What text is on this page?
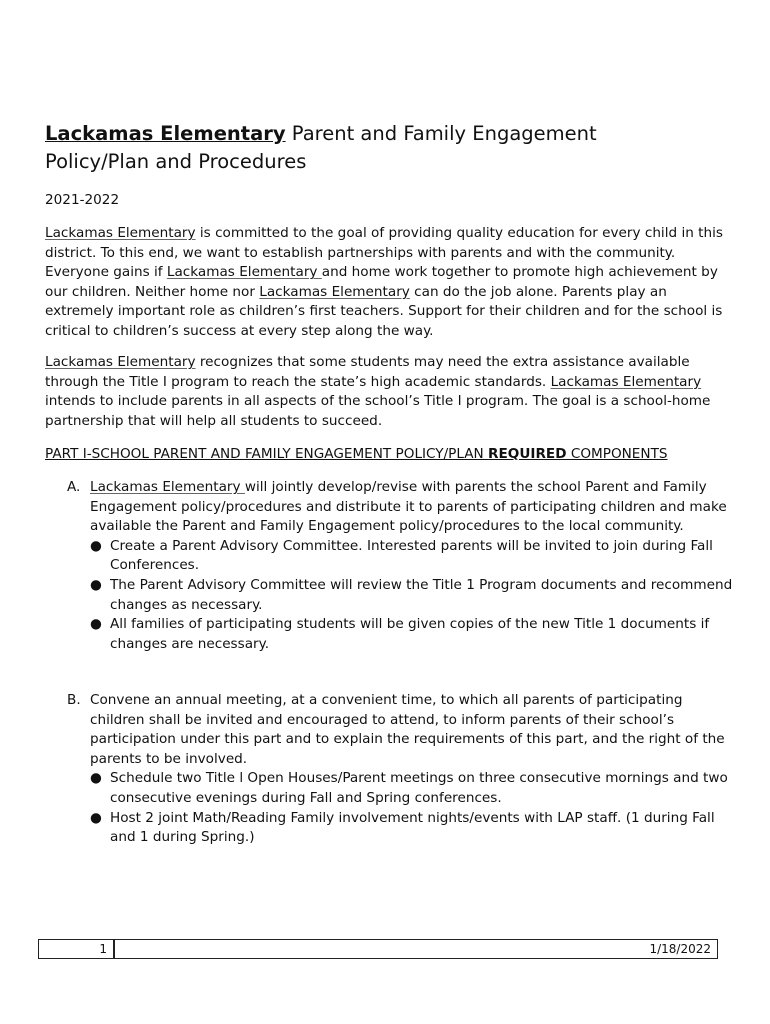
Lackamas Elementary Parent and Family Engagement
Policy/Plan and Procedures

2021-2022

Lackamas Elementary is committed to the goal of providing quality education for every child in this district. To this end, we want to establish partnerships with parents and with the community. Everyone gains if Lackamas Elementary and home work together to promote high achievement by our children. Neither home nor Lackamas Elementary can do the job alone. Parents play an extremely important role as children’s first teachers. Support for their children and for the school is critical to children’s success at every step along the way.

Lackamas Elementary recognizes that some students may need the extra assistance available through the Title I program to reach the state’s high academic standards. Lackamas Elementary intends to include parents in all aspects of the school’s Title I program. The goal is a school-home partnership that will help all students to succeed.

PART I-SCHOOL PARENT AND FAMILY ENGAGEMENT POLICY/PLAN REQUIRED COMPONENTS

A. Lackamas Elementary will jointly develop/revise with parents the school Parent and Family Engagement policy/procedures and distribute it to parents of participating children and make available the Parent and Family Engagement policy/procedures to the local community.
● Create a Parent Advisory Committee. Interested parents will be invited to join during Fall Conferences.
● The Parent Advisory Committee will review the Title 1 Program documents and recommend changes as necessary.
● All families of participating students will be given copies of the new Title 1 documents if changes are necessary.
B. Convene an annual meeting, at a convenient time, to which all parents of participating children shall be invited and encouraged to attend, to inform parents of their school’s participation under this part and to explain the requirements of this part, and the right of the parents to be involved.
● Schedule two Title l Open Houses/Parent meetings on three consecutive mornings and two consecutive evenings during Fall and Spring conferences.
● Host 2 joint Math/Reading Family involvement nights/events with LAP staff. (1 during Fall and 1 during Spring.)
1	1/18/2022
